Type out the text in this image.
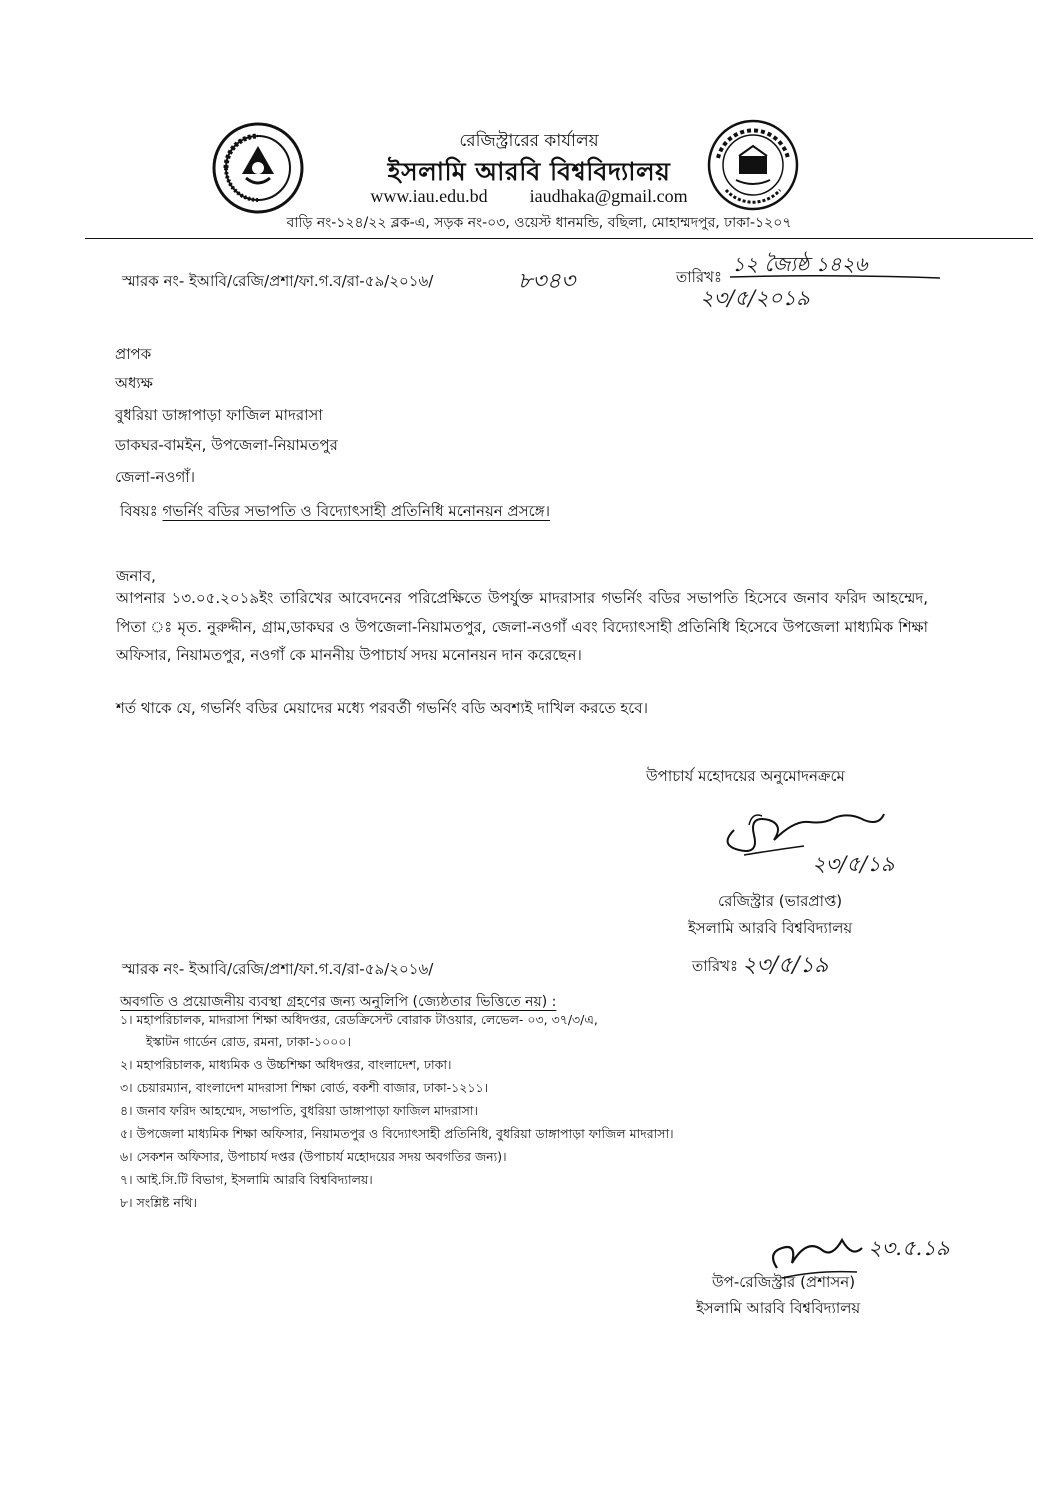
রেজিস্ট্রারের কার্যালয়
ইসলামি আরবি বিশ্ববিদ্যালয়
www.iau.edu.bd iaudhaka@gmail.com
বাড়ি নং-১২৪/২২ ব্লক-এ, সড়ক নং-০৩, ওয়েস্ট ধানমন্ডি, বছিলা, মোহাম্মদপুর, ঢাকা-১২০৭
স্মারক নং- ইআবি/রেজি/প্রশা/ফা.গ.ব/রা-৫৯/২০১৬/	৮৩৪৩	তারিখঃ
১২ জ্যৈষ্ঠ ১৪২৬
২৩/৫/২০১৯
প্রাপক
অধ্যক্ষ
বুধরিয়া ডাঙ্গাপাড়া ফাজিল মাদরাসা
ডাকঘর-বামইন, উপজেলা-নিয়ামতপুর
জেলা-নওগাঁ।
বিষয়ঃ গভর্নিং বডির সভাপতি ও বিদ্যোৎসাহী প্রতিনিধি মনোনয়ন প্রসঙ্গে।
জনাব,
আপনার ১৩.০৫.২০১৯ইং তারিখের আবেদনের পরিপ্রেক্ষিতে উপর্যুক্ত মাদরাসার গভর্নিং বডির সভাপতি হিসেবে জনাব ফরিদ আহম্মেদ, পিতা ঃ মৃত. নুরুদ্দীন, গ্রাম,ডাকঘর ও উপজেলা-নিয়ামতপুর, জেলা-নওগাঁ এবং বিদ্যোৎসাহী প্রতিনিধি হিসেবে উপজেলা মাধ্যমিক শিক্ষা অফিসার, নিয়ামতপুর, নওগাঁ কে মাননীয় উপাচার্য সদয় মনোনয়ন দান করেছেন।
শর্ত থাকে যে, গভর্নিং বডির মেয়াদের মধ্যে পরবর্তী গভর্নিং বডি অবশ্যই দাখিল করতে হবে।
উপাচার্য মহোদয়ের অনুমোদনক্রমে
২৩/৫/১৯
রেজিস্ট্রার (ভারপ্রাপ্ত)
ইসলামি আরবি বিশ্ববিদ্যালয়
স্মারক নং- ইআবি/রেজি/প্রশা/ফা.গ.ব/রা-৫৯/২০১৬/	তারিখঃ ২৩/৫/১৯
অবগতি ও প্রয়োজনীয় ব্যবস্থা গ্রহণের জন্য অনুলিপি (জ্যেষ্ঠতার ভিত্তিতে নয়) :
১। মহাপরিচালক, মাদরাসা শিক্ষা অধিদপ্তর, রেডক্রিসেন্ট বোরাক টাওয়ার, লেভেল- ০৩, ৩৭/৩/এ,
ইস্কাটন গার্ডেন রোড, রমনা, ঢাকা-১০০০।
২। মহাপরিচালক, মাধ্যমিক ও উচ্চশিক্ষা অধিদপ্তর, বাংলাদেশ, ঢাকা।
৩। চেয়ারম্যান, বাংলাদেশ মাদরাসা শিক্ষা বোর্ড, বকশী বাজার, ঢাকা-১২১১।
৪। জনাব ফরিদ আহম্মেদ, সভাপতি, বুধরিয়া ডাঙ্গাপাড়া ফাজিল মাদরাসা।
৫। উপজেলা মাধ্যমিক শিক্ষা অফিসার, নিয়ামতপুর ও বিদ্যোৎসাহী প্রতিনিধি, বুধরিয়া ডাঙ্গাপাড়া ফাজিল মাদরাসা।
৬। সেকশন অফিসার, উপাচার্য দপ্তর (উপাচার্য মহোদয়ের সদয় অবগতির জন্য)।
৭। আই.সি.টি বিভাগ, ইসলামি আরবি বিশ্ববিদ্যালয়।
৮। সংশ্লিষ্ট নথি।
২৩.৫.১৯
উপ-রেজিস্ট্রার (প্রশাসন)
ইসলামি আরবি বিশ্ববিদ্যালয়
